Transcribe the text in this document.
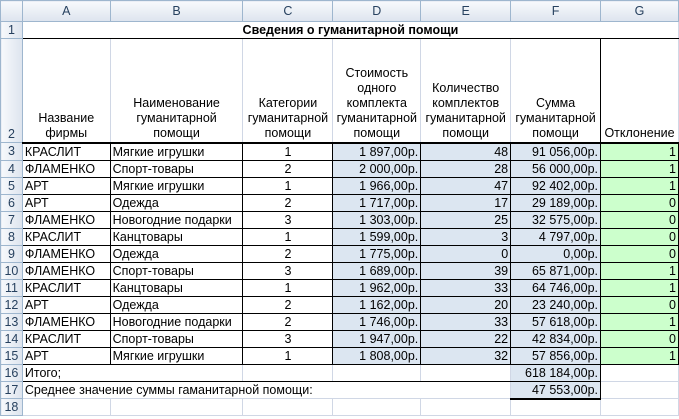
	A	B	C	D	E	F	G
1	Сведения о гуманитарной помощи						
2	Название фирмы	Наименование гуманитарной помощи	Категории гуманитарной помощи	Стоимость одного комплекта гуманитарной помощи	Количество комплектов гуманитарной помощи	Сумма гуманитарной помощи	Отклонение
3	КРАСЛИТ	Мягкие игрушки	1	1 897,00р.	48	91 056,00р.	1
4	ФЛАМЕНКО	Спорт-товары	2	2 000,00р.	28	56 000,00р.	1
5	АРТ	Мягкие игрушки	1	1 966,00р.	47	92 402,00р.	1
6	АРТ	Одежда	2	1 717,00р.	17	29 189,00р.	0
7	ФЛАМЕНКО	Новогодние подарки	3	1 303,00р.	25	32 575,00р.	0
8	КРАСЛИТ	Канцтовары	1	1 599,00р.	3	4 797,00р.	0
9	ФЛАМЕНКО	Одежда	2	1 775,00р.	0	0,00р.	0
10	ФЛАМЕНКО	Спорт-товары	3	1 689,00р.	39	65 871,00р.	1
11	КРАСЛИТ	Канцтовары	1	1 962,00р.	33	64 746,00р.	1
12	АРТ	Одежда	2	1 162,00р.	20	23 240,00р.	0
13	ФЛАМЕНКО	Новогодние подарки	2	1 746,00р.	33	57 618,00р.	1
14	КРАСЛИТ	Спорт-товары	3	1 947,00р.	22	42 834,00р.	0
15	АРТ	Мягкие игрушки	1	1 808,00р.	32	57 856,00р.	1
16	Итого;					618 184,00р.	
17	Среднее значение суммы гаманитарной помощи:					47 553,00р.	
18							
